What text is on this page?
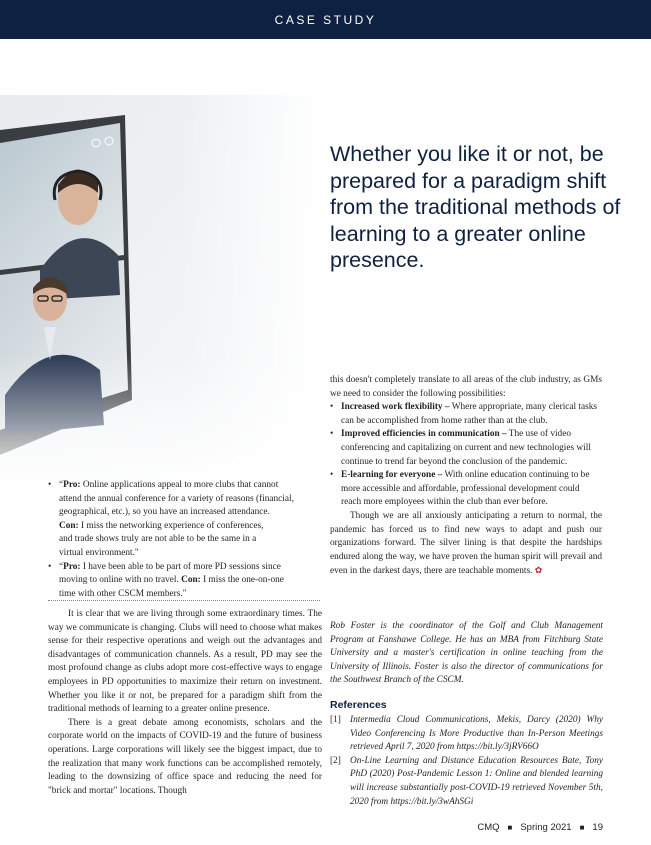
CASE STUDY
Whether you like it or not, be prepared for a paradigm shift from the traditional methods of learning to a greater online presence.
• “Pro: Online applications appeal to more clubs that cannot
attend the annual conference for a variety of reasons (financial,
geographical, etc.), so you have an increased attendance.
Con: I miss the networking experience of conferences,
and trade shows truly are not able to be the same in a
virtual environment."
• “Pro: I have been able to be part of more PD sessions since
moving to online with no travel. Con: I miss the one-on-one
time with other CSCM members."

It is clear that we are living through some extraordinary times. The way we communicate is changing. Clubs will need to choose what makes sense for their respective operations and weigh out the advantages and disadvantages of communication channels. As a result, PD may see the most profound change as clubs adopt more cost-effective ways to engage employees in PD opportunities to maximize their return on investment. Whether you like it or not, be prepared for a paradigm shift from the traditional methods of learning to a greater online presence.

There is a great debate among economists, scholars and the corporate world on the impacts of COVID-19 and the future of business operations. Large corporations will likely see the biggest impact, due to the realization that many work functions can be accomplished remotely, leading to the downsizing of office space and reducing the need for "brick and mortar" locations. Though

this doesn't completely translate to all areas of the club industry, as GMs we need to consider the following possibilities:

• Increased work flexibility – Where appropriate, many clerical tasks can be accomplished from home rather than at the club.
• Improved efficiencies in communication – The use of video conferencing and capitalizing on current and new technologies will continue to trend far beyond the conclusion of the pandemic.
• E-learning for everyone – With online education continuing to be more accessible and affordable, professional development could reach more employees within the club than ever before.

Though we are all anxiously anticipating a return to normal, the pandemic has forced us to find new ways to adapt and push our organizations forward. The silver lining is that despite the hardships endured along the way, we have proven the human spirit will prevail and even in the darkest days, there are teachable moments. ✿

Rob Foster is the coordinator of the Golf and Club Management Program at Fanshawe College. He has an MBA from Fitchburg State University and a master's certification in online teaching from the University of Illinois. Foster is also the director of communications for the Southwest Branch of the CSCM.
References
[1] Intermedia Cloud Communications, Mekis, Darcy (2020) Why Video Conferencing Is More Productive than In-Person Meetings retrieved April 7, 2020 from https://bit.ly/3jRV66O
[2] On-Line Learning and Distance Education Resources Bate, Tony PhD (2020) Post-Pandemic Lesson 1: Online and blended learning will increase substantially post-COVID-19 retrieved November 5th, 2020 from https://bit.ly/3wAhSGi
CMQ ■ Spring 2021 ■ 19
